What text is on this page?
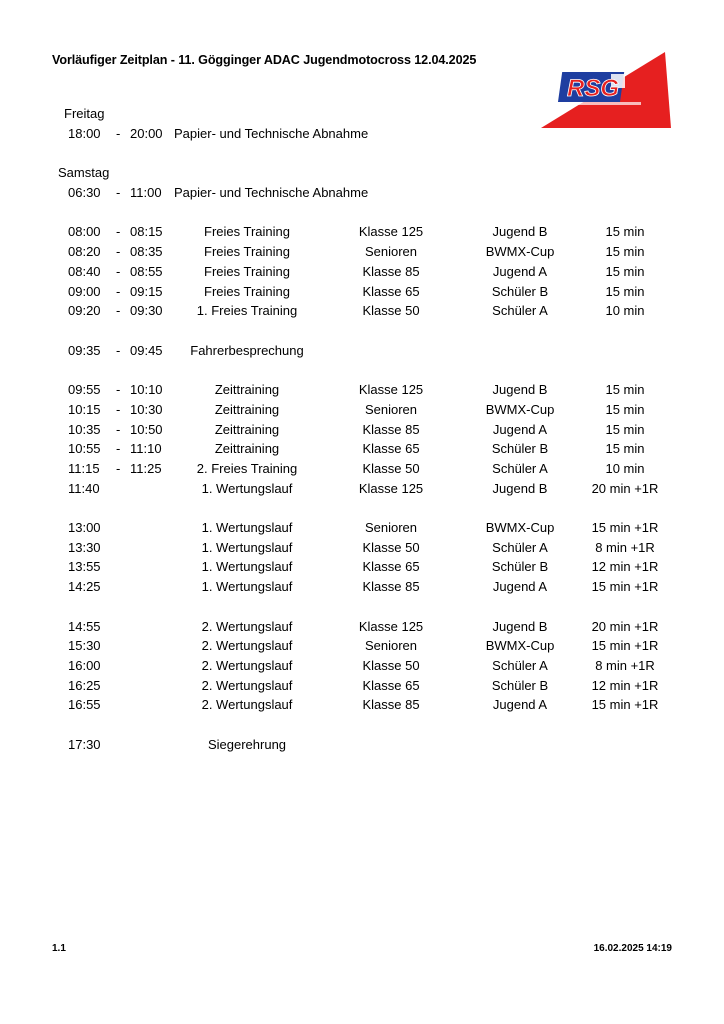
Vorläufiger Zeitplan - 11. Gögginger ADAC Jugendmotocross 12.04.2025
RSG
Freitag
18:00 - 20:00 Papier- und Technische Abnahme
Samstag
06:30 - 11:00 Papier- und Technische Abnahme
08:00 - 08:15	Freies Training	Klasse 125	Jugend B	15 min
08:20 - 08:35	Freies Training	Senioren	BWMX-Cup	15 min
08:40 - 08:55	Freies Training	Klasse 85	Jugend A	15 min
09:00 - 09:15	Freies Training	Klasse 65	Schüler B	15 min
09:20 - 09:30	1. Freies Training	Klasse 50	Schüler A	10 min
09:35 - 09:45	Fahrerbesprechung
09:55 - 10:10	Zeittraining	Klasse 125	Jugend B	15 min
10:15 - 10:30	Zeittraining	Senioren	BWMX-Cup	15 min
10:35 - 10:50	Zeittraining	Klasse 85	Jugend A	15 min
10:55 - 11:10	Zeittraining	Klasse 65	Schüler B	15 min
11:15 - 11:25	2. Freies Training	Klasse 50	Schüler A	10 min
11:40	1. Wertungslauf	Klasse 125	Jugend B	20 min +1R
13:00	1. Wertungslauf	Senioren	BWMX-Cup	15 min +1R
13:30	1. Wertungslauf	Klasse 50	Schüler A	8 min +1R
13:55	1. Wertungslauf	Klasse 65	Schüler B	12 min +1R
14:25	1. Wertungslauf	Klasse 85	Jugend A	15 min +1R
14:55	2. Wertungslauf	Klasse 125	Jugend B	20 min +1R
15:30	2. Wertungslauf	Senioren	BWMX-Cup	15 min +1R
16:00	2. Wertungslauf	Klasse 50	Schüler A	8 min +1R
16:25	2. Wertungslauf	Klasse 65	Schüler B	12 min +1R
16:55	2. Wertungslauf	Klasse 85	Jugend A	15 min +1R
17:30	Siegerehrung
1.1	16.02.2025 14:19
